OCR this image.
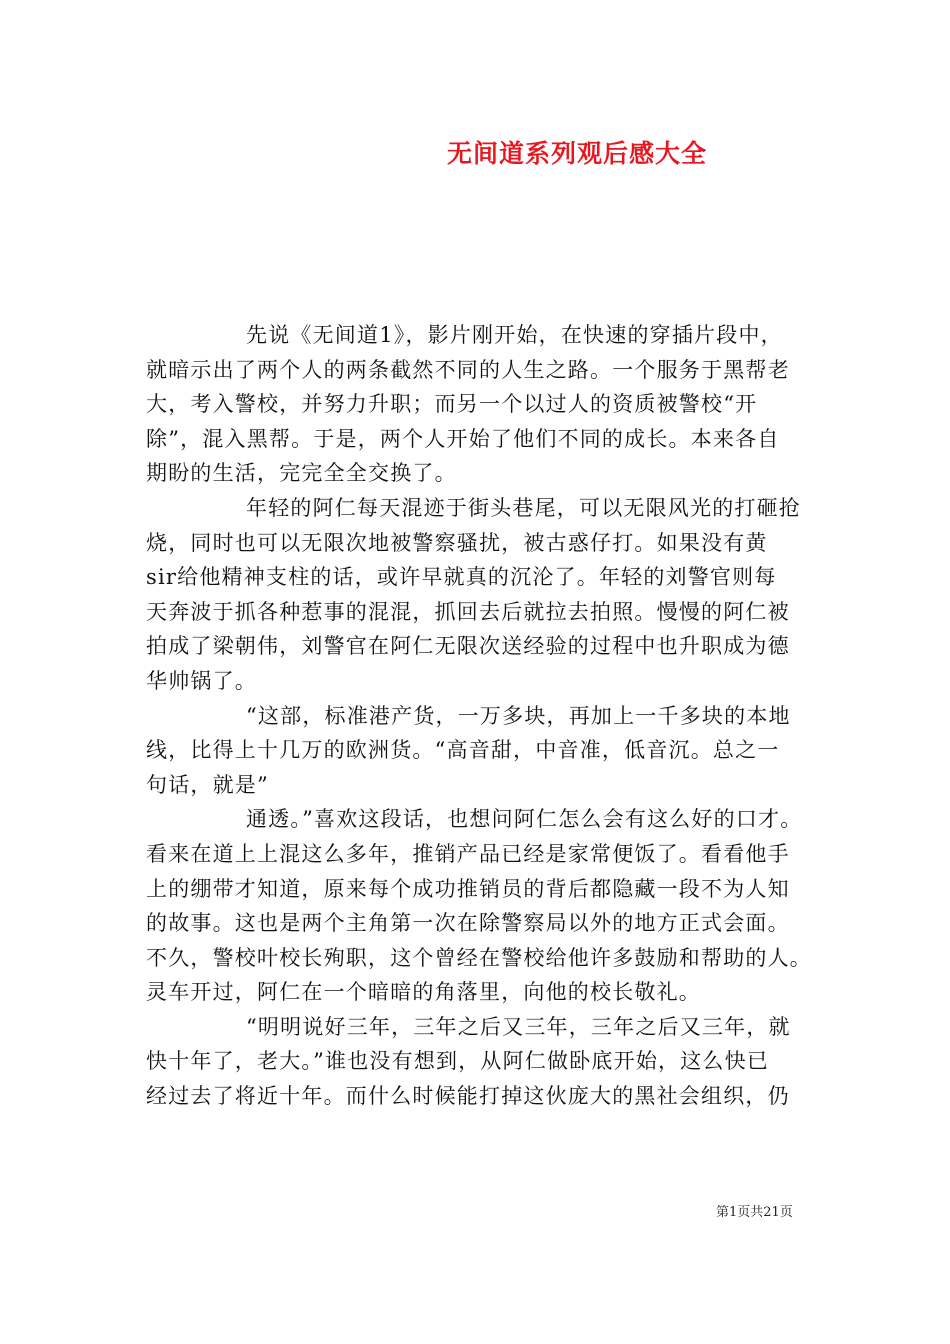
无间道系列观后感大全
先说《无间道1》，影片刚开始，在快速的穿插片段中，
就暗示出了两个人的两条截然不同的人生之路。一个服务于黑帮老
大，考入警校，并努力升职；而另一个以过人的资质被警校“开
除”，混入黑帮。于是，两个人开始了他们不同的成长。本来各自
期盼的生活，完完全全交换了。
年轻的阿仁每天混迹于街头巷尾，可以无限风光的打砸抢
烧，同时也可以无限次地被警察骚扰，被古惑仔打。如果没有黄
sir给他精神支柱的话，或许早就真的沉沦了。年轻的刘警官则每
天奔波于抓各种惹事的混混，抓回去后就拉去拍照。慢慢的阿仁被
拍成了梁朝伟，刘警官在阿仁无限次送经验的过程中也升职成为德
华帅锅了。
“这部，标准港产货，一万多块，再加上一千多块的本地
线，比得上十几万的欧洲货。“高音甜，中音准，低音沉。总之一
句话，就是”
通透。”喜欢这段话，也想问阿仁怎么会有这么好的口才。
看来在道上上混这么多年，推销产品已经是家常便饭了。看看他手
上的绷带才知道，原来每个成功推销员的背后都隐藏一段不为人知
的故事。这也是两个主角第一次在除警察局以外的地方正式会面。
不久，警校叶校长殉职，这个曾经在警校给他许多鼓励和帮助的人。
灵车开过，阿仁在一个暗暗的角落里，向他的校长敬礼。
“明明说好三年，三年之后又三年，三年之后又三年，就
快十年了，老大。”谁也没有想到，从阿仁做卧底开始，这么快已
经过去了将近十年。而什么时候能打掉这伙庞大的黑社会组织，仍
第1页共21页
